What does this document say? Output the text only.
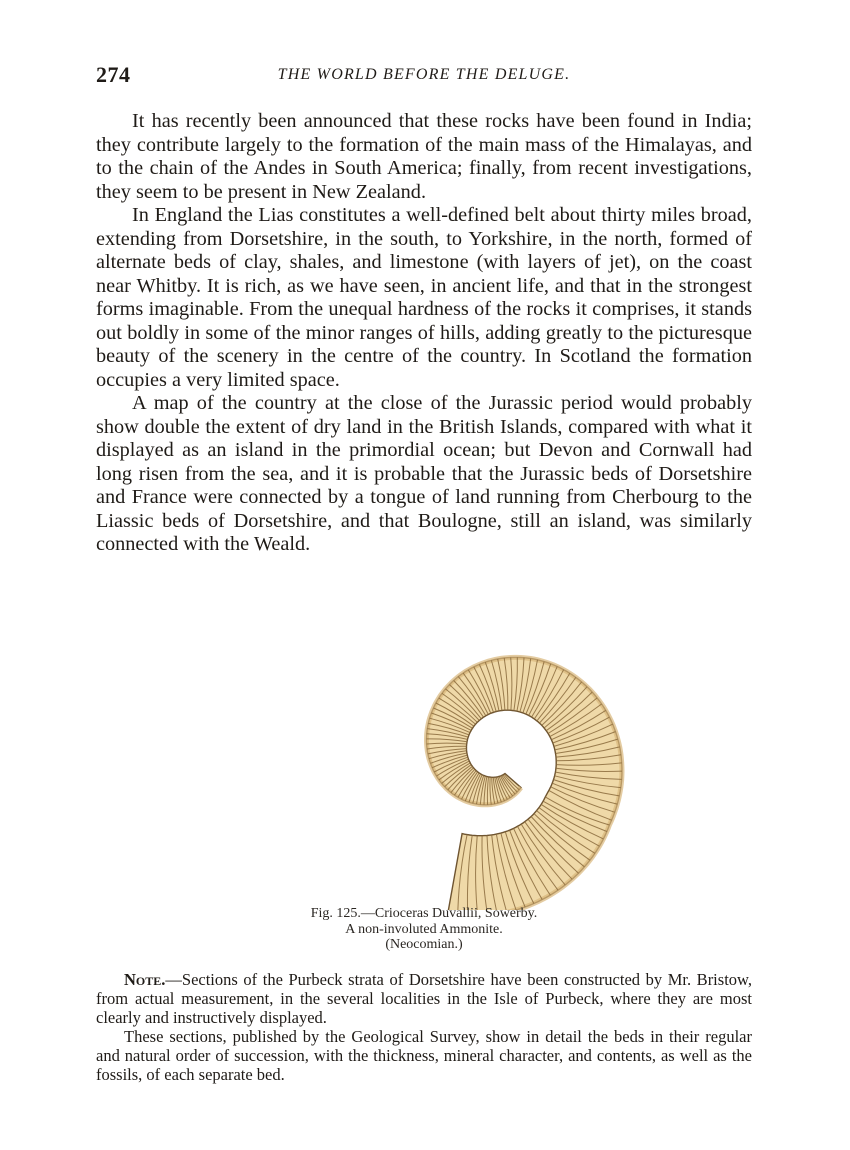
274	THE WORLD BEFORE THE DELUGE.

It has recently been announced that these rocks have been found in India; they contribute largely to the formation of the main mass of the Himalayas, and to the chain of the Andes in South America; finally, from recent investigations, they seem to be present in New Zealand.

In England the Lias constitutes a well-defined belt about thirty miles broad, extending from Dorsetshire, in the south, to Yorkshire, in the north, formed of alternate beds of clay, shales, and limestone (with layers of jet), on the coast near Whitby. It is rich, as we have seen, in ancient life, and that in the strongest forms imaginable. From the unequal hardness of the rocks it comprises, it stands out boldly in some of the minor ranges of hills, adding greatly to the picturesque beauty of the scenery in the centre of the country. In Scotland the formation occupies a very limited space.

A map of the country at the close of the Jurassic period would probably show double the extent of dry land in the British Islands, compared with what it displayed as an island in the primordial ocean; but Devon and Cornwall had long risen from the sea, and it is probable that the Jurassic beds of Dorsetshire and France were connected by a tongue of land running from Cherbourg to the Liassic beds of Dorsetshire, and that Boulogne, still an island, was similarly connected with the Weald.

Fig. 125.—Crioceras Duvallii, Sowerby.
A non-involuted Ammonite.
(Neocomian.)

Note.—Sections of the Purbeck strata of Dorsetshire have been constructed by Mr. Bristow, from actual measurement, in the several localities in the Isle of Purbeck, where they are most clearly and instructively displayed.

These sections, published by the Geological Survey, show in detail the beds in their regular and natural order of succession, with the thickness, mineral character, and contents, as well as the fossils, of each separate bed.
